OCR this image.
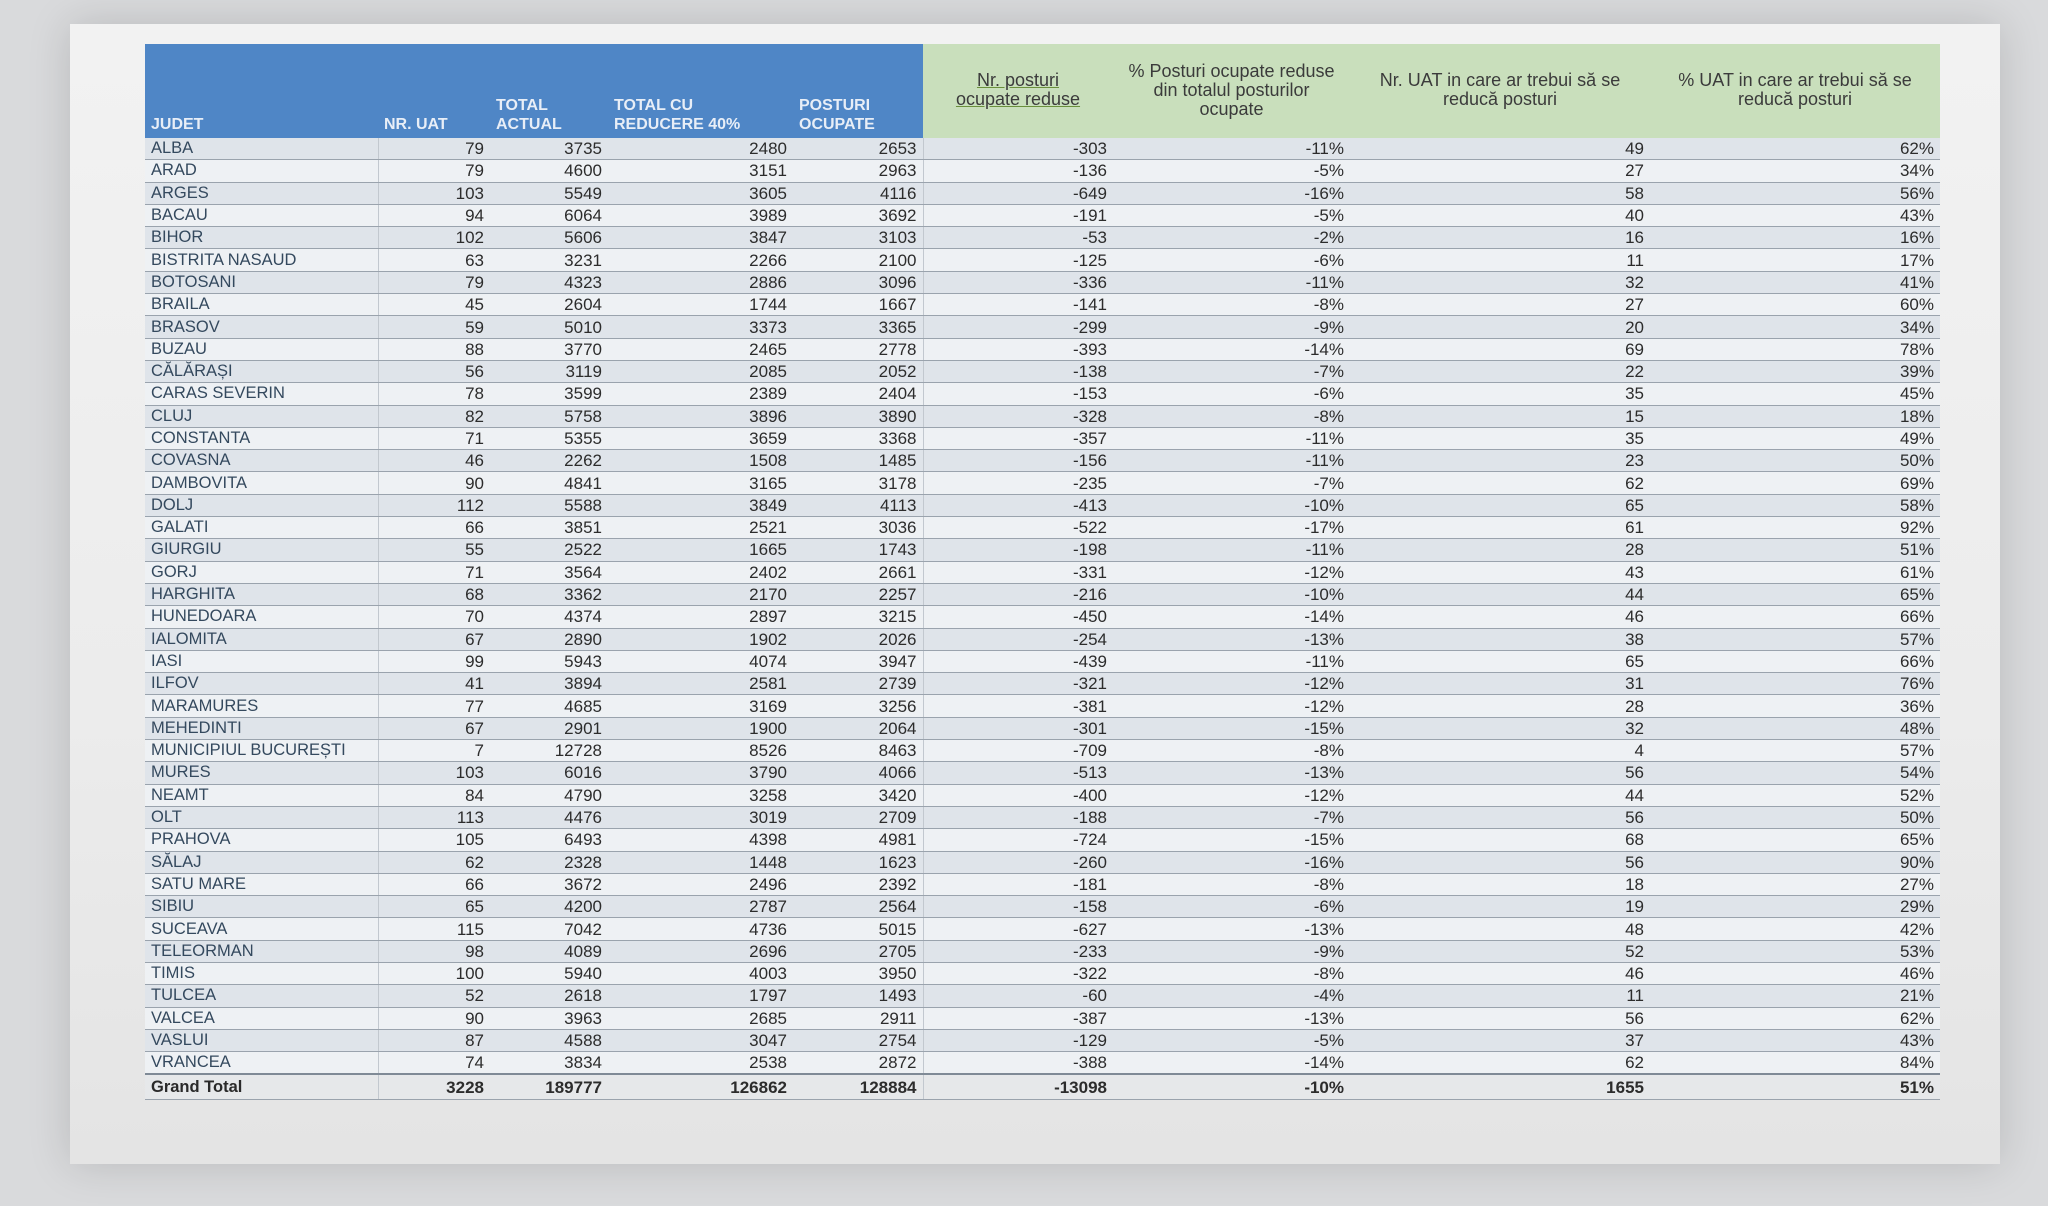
JUDET	NR. UAT	TOTAL ACTUAL	TOTAL CU REDUCERE 40%	POSTURI OCUPATE	Nr. posturi
ocupate reduse	% Posturi ocupate reduse din totalul posturilor ocupate	Nr. UAT in care ar trebui să se reducă posturi	% UAT in care ar trebui să se reducă posturi
ALBA	79	3735	2480	2653	-303	-11%	49	62%
ARAD	79	4600	3151	2963	-136	-5%	27	34%
ARGES	103	5549	3605	4116	-649	-16%	58	56%
BACAU	94	6064	3989	3692	-191	-5%	40	43%
BIHOR	102	5606	3847	3103	-53	-2%	16	16%
BISTRITA NASAUD	63	3231	2266	2100	-125	-6%	11	17%
BOTOSANI	79	4323	2886	3096	-336	-11%	32	41%
BRAILA	45	2604	1744	1667	-141	-8%	27	60%
BRASOV	59	5010	3373	3365	-299	-9%	20	34%
BUZAU	88	3770	2465	2778	-393	-14%	69	78%
CĂLĂRAȘI	56	3119	2085	2052	-138	-7%	22	39%
CARAS SEVERIN	78	3599	2389	2404	-153	-6%	35	45%
CLUJ	82	5758	3896	3890	-328	-8%	15	18%
CONSTANTA	71	5355	3659	3368	-357	-11%	35	49%
COVASNA	46	2262	1508	1485	-156	-11%	23	50%
DAMBOVITA	90	4841	3165	3178	-235	-7%	62	69%
DOLJ	112	5588	3849	4113	-413	-10%	65	58%
GALATI	66	3851	2521	3036	-522	-17%	61	92%
GIURGIU	55	2522	1665	1743	-198	-11%	28	51%
GORJ	71	3564	2402	2661	-331	-12%	43	61%
HARGHITA	68	3362	2170	2257	-216	-10%	44	65%
HUNEDOARA	70	4374	2897	3215	-450	-14%	46	66%
IALOMITA	67	2890	1902	2026	-254	-13%	38	57%
IASI	99	5943	4074	3947	-439	-11%	65	66%
ILFOV	41	3894	2581	2739	-321	-12%	31	76%
MARAMURES	77	4685	3169	3256	-381	-12%	28	36%
MEHEDINTI	67	2901	1900	2064	-301	-15%	32	48%
MUNICIPIUL BUCUREȘTI	7	12728	8526	8463	-709	-8%	4	57%
MURES	103	6016	3790	4066	-513	-13%	56	54%
NEAMT	84	4790	3258	3420	-400	-12%	44	52%
OLT	113	4476	3019	2709	-188	-7%	56	50%
PRAHOVA	105	6493	4398	4981	-724	-15%	68	65%
SĂLAJ	62	2328	1448	1623	-260	-16%	56	90%
SATU MARE	66	3672	2496	2392	-181	-8%	18	27%
SIBIU	65	4200	2787	2564	-158	-6%	19	29%
SUCEAVA	115	7042	4736	5015	-627	-13%	48	42%
TELEORMAN	98	4089	2696	2705	-233	-9%	52	53%
TIMIS	100	5940	4003	3950	-322	-8%	46	46%
TULCEA	52	2618	1797	1493	-60	-4%	11	21%
VALCEA	90	3963	2685	2911	-387	-13%	56	62%
VASLUI	87	4588	3047	2754	-129	-5%	37	43%
VRANCEA	74	3834	2538	2872	-388	-14%	62	84%
Grand Total	3228	189777	126862	128884	-13098	-10%	1655	51%
